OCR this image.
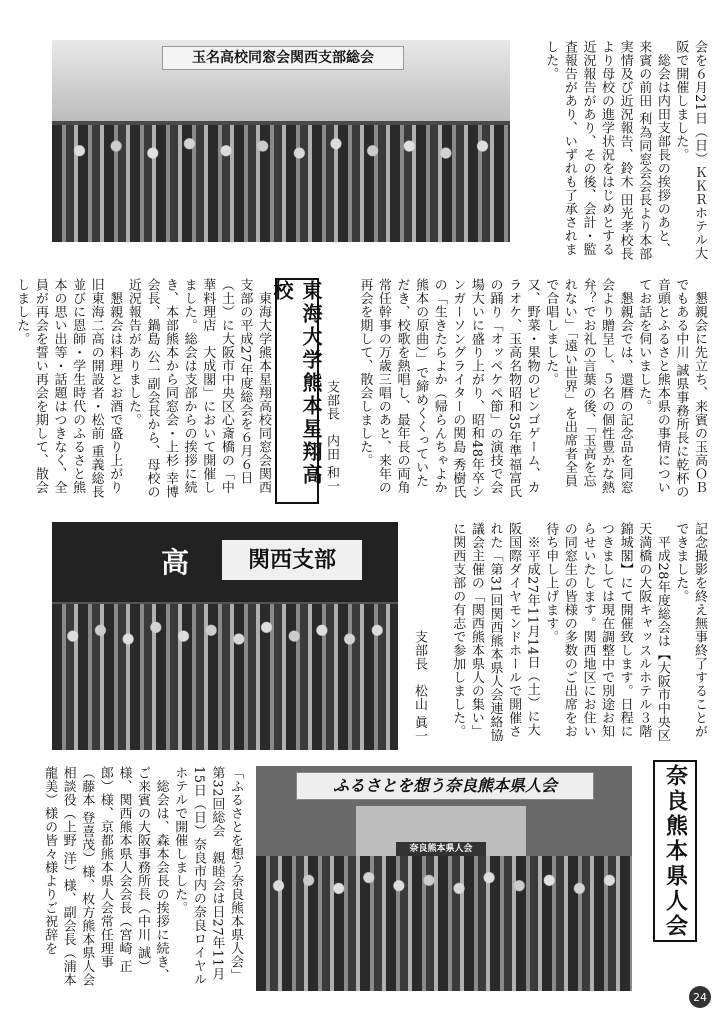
玉名高校同窓会関西支部総会	会を６月21日（日）ＫＫＲホテル大阪で開催しました。
　総会は内田支部長の挨拶のあと、来賓の前田 利為同窓会会長より本部実情及び近況報告、鈴木 田光孝校長より母校の進学状況をはじめとする近況報告があり、その後、会計・監査報告があり、いずれも了承されました。
東海大学熊本星翔高校
　東海大学熊本星翔高校同窓会関西支部の平成27年度総会を６月６日（土）に大阪市中央区心斎橋の「中華料理店　大成閣」において開催しました。総会は支部からの挨拶に続き、本部熊本から同窓会・上杉 幸博会長、鍋島 公一副会長から、母校の近況報告がありました。
　懇親会は料理とお酒で盛り上がり旧東海二高の開設者・松前 重義総長並びに恩師・学生時代のふるさと熊本の思い出等・話題はつきなく、全員が再会を誓い再会を期して、散会しました。
支部長　内田 和一	　懇親会に先立ち、来賓の玉高ＯＢでもある中川 誠県事務所長に乾杯の音頭とふるさと熊本県の事情についてお話を伺いました。
　懇親会では、還暦の記念品を同窓会より贈呈し、５名の個性豊かな熱弁？でお礼の言葉の後、「玉高を忘れない」「遠い世界」を出席者全員で合唱しました。
又、野菜・果物のビンゴゲーム、カラオケ、玉高名物昭和35年準福富氏の踊り「オッペケペ節」の演技で会場大いに盛り上がり、昭和48年卒シンガーソングライターの関島 秀樹氏の「生きたらよか（帰らんちゃよか熊本の原曲）」で締めくくっていただき、校歌を熱唱し、最年長の両角常任幹事の万歳三唱のあと、来年の再会を期して、散会しました。
高	関西支部	記念撮影を終え無事終了することができました。
　平成28年度総会は【大阪市中央区天満橋の大阪キャッスルホテル３階　錦城閣】にて開催致します。日程につきましては現在調整中で別途お知らせいたします。関西地区にお住いの同窓生の皆様の多数のご出席をお待ち申し上げます。
　※平成27年11月14日（土）に大阪国際ダイヤモンドホールで開催された「第31回関西熊本県人会連絡協議会主催の「関西熊本県人の集い」に関西支部の有志で参加しました。
支部長　松山 眞一
奈良熊本県人会
「ふるさとを想う奈良熊本県人会」第32回総会　親睦会は日27年11月15日（日）奈良市内の奈良ロイヤルホテルで開催しました。
　総会は、森本会長の挨拶に続き、ご来賓の大阪事務所長（中川 誠）様、関西熊本県人会会長（宮崎 正郎）様、京都熊本県人会常任理事（藤本 登喜茂）様、枚方熊本県人会相談役（上野 洋）様、副会長（浦本 龍美）様の皆々様よりご祝辞を	ふるさとを想う奈良熊本県人会
奈良熊本県人会
24
